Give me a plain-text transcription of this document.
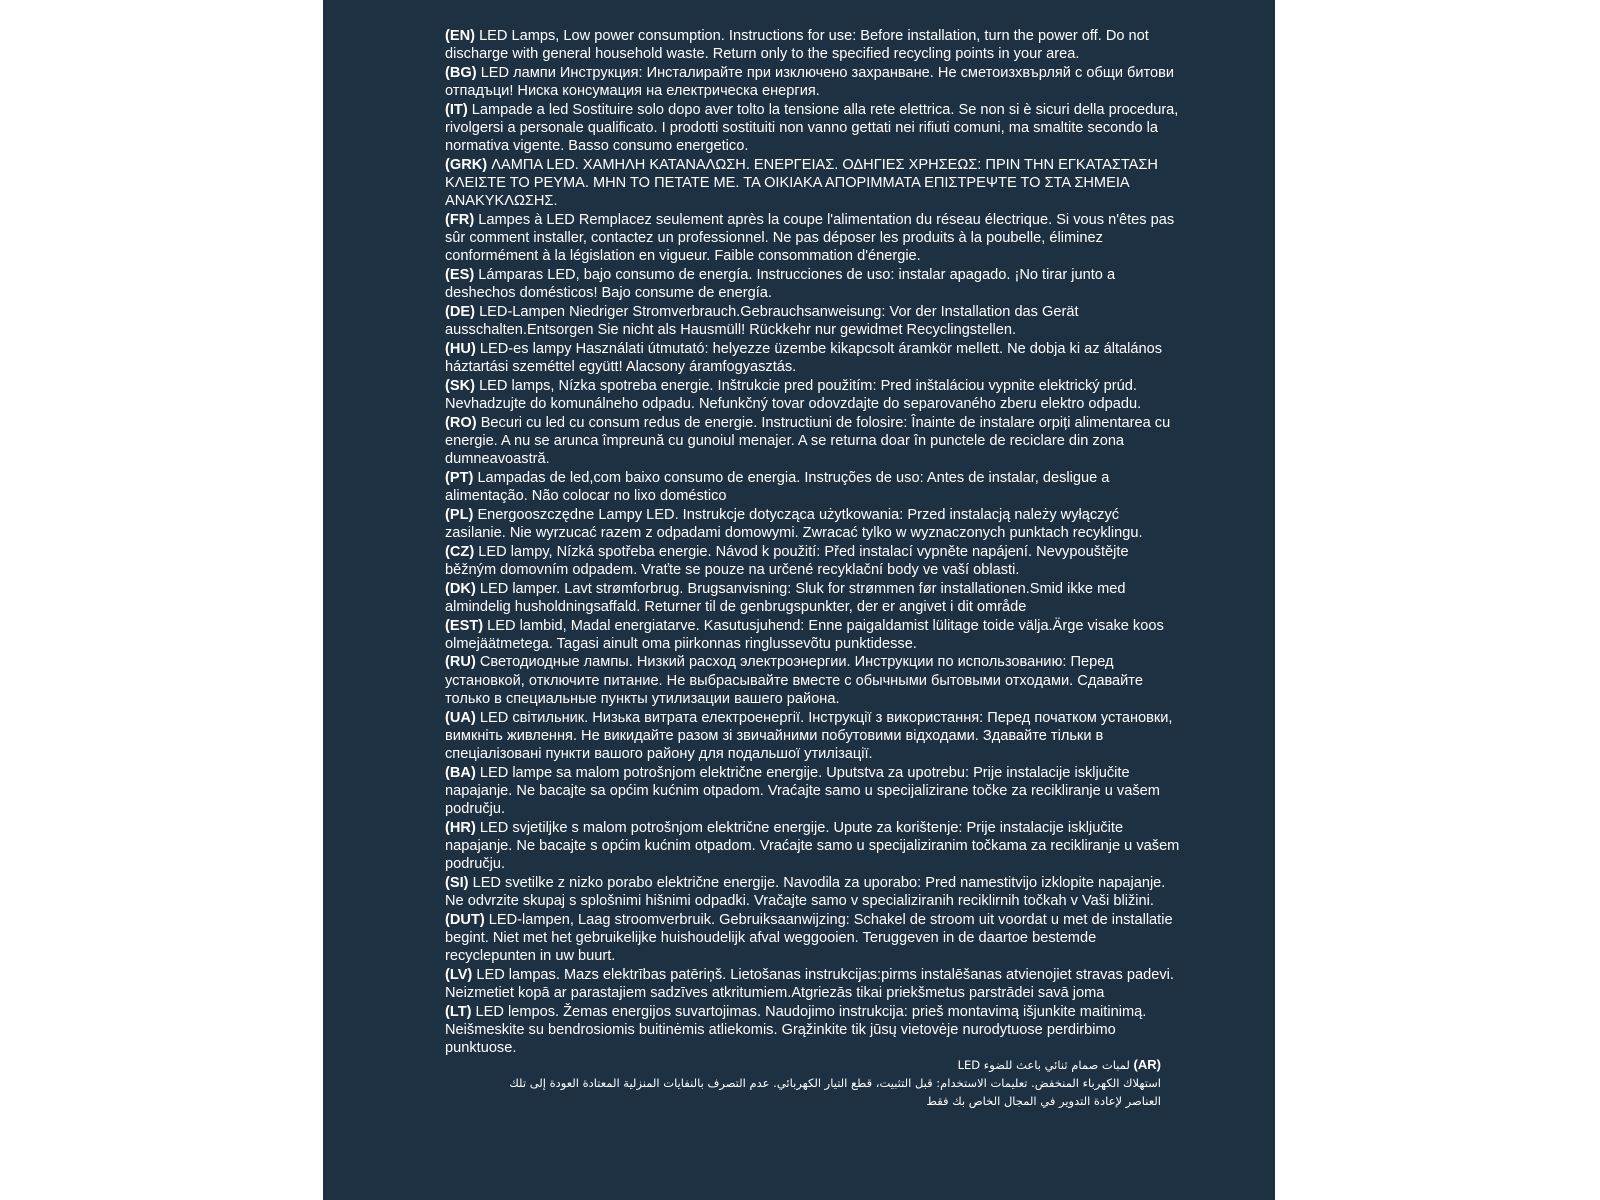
(EN) LED Lamps, Low power consumption. Instructions for use: Before installation, turn the power off. Do not discharge with general household waste. Return only to the specified recycling points in your area.
(BG) LED лампи Инструкция: Инсталирайте при изключено захранване. Не сметоизхвърляй с общи битови отпадъци! Ниска консумация на електрическа енергия.
(IT) Lampade a led Sostituire solo dopo aver tolto la tensione alla rete elettrica. Se non si è sicuri della procedura, rivolgersi a personale qualificato. I prodotti sostituiti non vanno gettati nei rifiuti comuni, ma smaltite secondo la normativa vigente. Basso consumo energetico.
(GRK) ΛΑΜΠΑ LED. ΧΑΜΗΛΗ ΚΑΤΑΝΑΛΩΣΗ. ΕΝΕΡΓΕΙΑΣ. ΟΔΗΓΙΕΣ ΧΡΗΣΕΩΣ: ΠΡΙΝ ΤΗΝ ΕΓΚΑΤΑΣΤΑΣΗ ΚΛΕΙΣΤΕ ΤΟ ΡΕΥΜΑ. ΜΗΝ ΤΟ ΠΕΤΑΤΕ ΜΕ. ΤΑ ΟΙΚΙΑΚΑ ΑΠΟΡΙΜΜΑΤΑ ΕΠΙΣΤΡΕΨΤΕ ΤΟ ΣΤΑ ΣΗΜΕΙΑ ΑΝΑΚΥΚΛΩΣΗΣ.
(FR) Lampes à LED Remplacez seulement après la coupe l'alimentation du réseau électrique. Si vous n'êtes pas sûr comment installer, contactez un professionnel. Ne pas déposer les produits à la poubelle, éliminez conformément à la législation en vigueur. Faible consommation d'énergie.
(ES) Lámparas LED, bajo consumo de energía. Instrucciones de uso: instalar apagado. ¡No tirar junto a deshechos domésticos! Bajo consume de energía.
(DE) LED-Lampen Niedriger Stromverbrauch.Gebrauchsanweisung: Vor der Installation das Gerät ausschalten.Entsorgen Sie nicht als Hausmüll! Rückkehr nur gewidmet Recyclingstellen.
(HU) LED-es lampy Használati útmutató: helyezze üzembe kikapcsolt áramkör mellett. Ne dobja ki az általános háztartási szeméttel együtt! Alacsony áramfogyasztás.
(SK) LED lamps, Nízka spotreba energie. Inštrukcie pred použitím: Pred inštaláciou vypnite elektrický prúd. Nevhadzujte do komunálneho odpadu. Nefunkčný tovar odovzdajte do separovaného zberu elektro odpadu.
(RO) Becuri cu led cu consum redus de energie. Instructiuni de folosire: Înainte de instalare orpiți alimentarea cu energie. A nu se arunca împreună cu gunoiul menajer. A se returna doar în punctele de reciclare din zona dumneavoastră.
(PT) Lampadas de led,com baixo consumo de energia. Instruções de uso: Antes de instalar, desligue a alimentação. Não colocar no lixo doméstico
(PL) Energooszczędne Lampy LED. Instrukcje dotycząca użytkowania: Przed instalacją należy wyłączyć zasilanie. Nie wyrzucać razem z odpadami domowymi. Zwracać tylko w wyznaczonych punktach recyklingu.
(CZ) LED lampy, Nízká spotřeba energie. Návod k použití: Před instalací vypněte napájení. Nevypouštějte běžným domovním odpadem. Vraťte se pouze na určené recyklační body ve vaší oblasti.
(DK) LED lamper. Lavt strømforbrug. Brugsanvisning: Sluk for strømmen før installationen.Smid ikke med almindelig husholdningsaffald. Returner til de genbrugspunkter, der er angivet i dit område
(EST) LED lambid, Madal energiatarve. Kasutusjuhend: Enne paigaldamist lülitage toide välja.Ärge visake koos olmejäätmetega. Tagasi ainult oma piirkonnas ringlussevõtu punktidesse.
(RU) Светодиодные лампы. Низкий расход электроэнергии. Инструкции по использованию: Перед установкой, отключите питание. Не выбрасывайте вместе с обычными бытовыми отходами. Сдавайте только в специальные пункты утилизации вашего района.
(UA) LED світильник. Низька витрата електроенергії. Інструкції з використання: Перед початком установки, вимкніть живлення. Не викидайте разом зі звичайними побутовими відходами. Здавайте тільки в спеціалізовані пункти вашого району для подальшої утилізації.
(BA) LED lampe sa malom potrošnjom električne energije. Uputstva za upotrebu: Prije instalacije isključite napajanje. Ne bacajte sa općim kućnim otpadom. Vraćajte samo u specijalizirane točke za recikliranje u vašem području.
(HR) LED svjetiljke s malom potrošnjom električne energije. Upute za korištenje: Prije instalacije isključite napajanje. Ne bacajte s općim kućnim otpadom. Vraćajte samo u specijaliziranim točkama za recikliranje u vašem području.
(SI) LED svetilke z nizko porabo električne energije. Navodila za uporabo: Pred namestitvijo izklopite napajanje. Ne odvrzite skupaj s splošnimi hišnimi odpadki. Vračajte samo v specializiranih reciklirnih točkah v Vaši bližini.
(DUT) LED-lampen, Laag stroomverbruik. Gebruiksaanwijzing: Schakel de stroom uit voordat u met de installatie begint. Niet met het gebruikelijke huishoudelijk afval weggooien. Teruggeven in de daartoe bestemde recyclepunten in uw buurt.
(LV) LED lampas. Mazs elektrības patēriņš. Lietošanas instrukcijas:pirms instalēšanas atvienojiet stravas padevi. Neizmetiet kopā ar parastajiem sadzīves atkritumiem.Atgriezās tikai priekšmetus parstrādei savā joma
(LT) LED lempos. Žemas energijos suvartojimas. Naudojimo instrukcija: prieš montavimą išjunkite maitinimą. Neišmeskite su bendrosiomis buitinėmis atliekomis. Grąžinkite tik jūsų vietovėje nurodytuose perdirbimo punktuose.
(AR) لمبات صمام ثنائي باعث للضوء LED
استهلاك الكهرباء المنخفض. تعليمات الاستخدام: قبل التثبيت، قطع التيار الكهربائي. عدم التصرف بالنفايات المنزلية المعتادة العودة إلى تلك
العناصر لإعادة التدوير في المجال الخاص بك فقط
